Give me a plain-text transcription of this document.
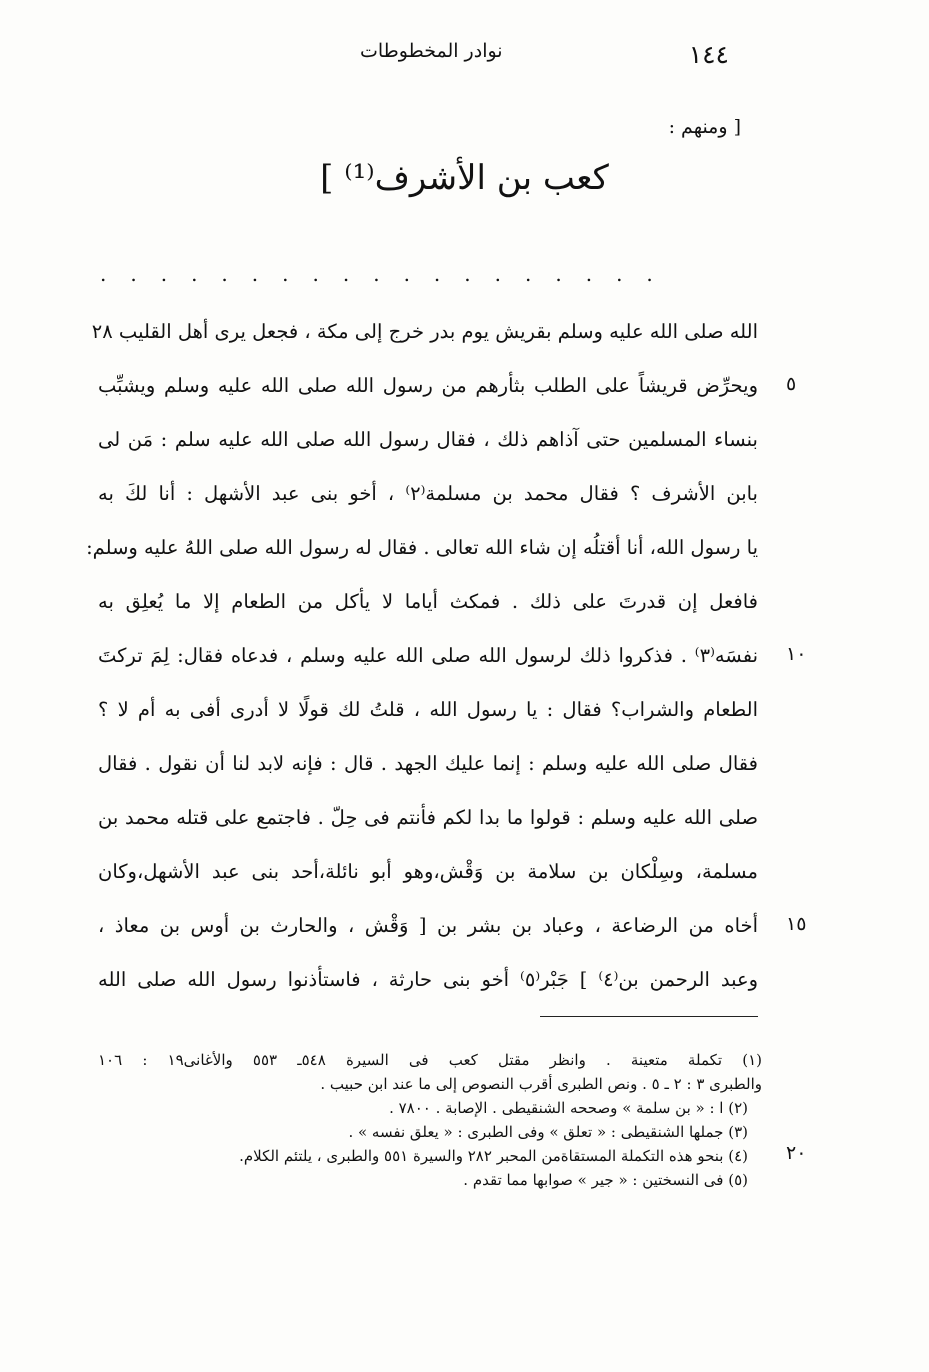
١٤٤
نوادر المخطوطات
[ ومنهم :
كعب بن الأشرف⁽¹⁾ ]
...................
الله صلى الله عليه وسلم بقريش يوم بدر خرج إلى مكة ، فجعل يرى أهل القليب ٢٨
ويحرِّض قريشاً على الطلب بثأرهم من رسول الله صلى الله عليه وسلم ويشبِّب
بنساء المسلمين حتى آذاهم ذلك ، فقال رسول الله صلى الله عليه سلم : مَن لى
بابن الأشرف ؟ فقال محمد بن مسلمة⁽٢⁾ ، أخو بنى عبد الأشهل : أنا لكَ به
يا رسول الله، أنا أقتلُه إن شاء الله تعالى . فقال له رسول الله صلى اللهُ عليه وسلم:
فافعل إن قدرتَ على ذلك . فمكث أياما لا يأكل من الطعام إلا ما يُعلِق به
نفسَه⁽٣⁾ . فذكروا ذلك لرسول الله صلى الله عليه وسلم ، فدعاه فقال: لِمَ تركتَ
الطعام والشراب؟ فقال : يا رسول الله ، قلتُ لك قولًا لا أدرى أفى به أم لا ؟
فقال صلى الله عليه وسلم : إنما عليك الجهد . قال : فإنه لابد لنا أن نقول . فقال
صلى الله عليه وسلم : قولوا ما بدا لكم فأنتم فى حِلّ . فاجتمع على قتله محمد بن
مسلمة، وسِلْكان بن سلامة بن وَقْش،وهو أبو نائلة،أحد بنى عبد الأشهل،وكان
أخاه من الرضاعة ، وعباد بن بشر بن [ وَقْش ، والحارث بن أوس بن معاذ ،
وعبد الرحمن بن⁽٤⁾ ] جَبْر⁽٥⁾ أخو بنى حارثة ، فاستأذنوا رسول الله صلى الله
٥
١٠
١٥
٢٠
(١) تكملة متعينة . وانظر مقتل كعب فى السيرة ٥٤٨ـ ٥٥٣ والأغانى١٩ : ١٠٦
والطبرى ٣ : ٢ ـ ٥ . ونص الطبرى أقرب النصوص إلى ما عند ابن حبيب .
(٢) ا : « بن سلمة » وصححه الشنقيطى . الإصابة . ٧٨٠٠ .
(٣) جملها الشنقيطى : « تعلق » وفى الطبرى : « يعلق نفسه » .
(٤) بنحو هذه التكملة المستقاةمن المحبر ٢٨٢ والسيرة ٥٥١ والطبرى ، يلتئم الكلام.
(٥) فى النسختين : « جير » صوابها مما تقدم .
